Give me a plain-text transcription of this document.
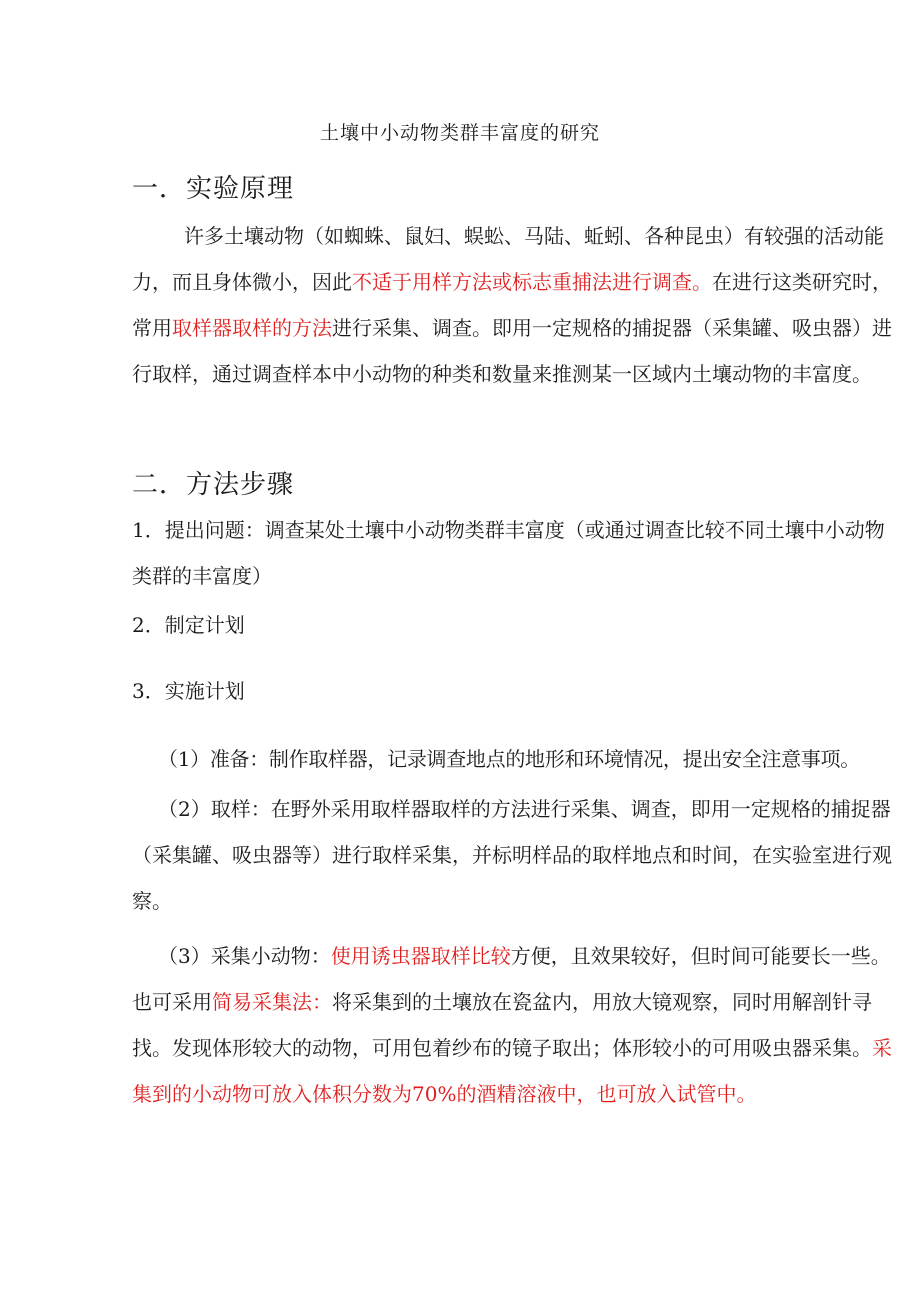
土壤中小动物类群丰富度的研究
一．实验原理

许多土壤动物（如蜘蛛、鼠妇、蜈蚣、马陆、蚯蚓、各种昆虫）有较强的活动能力，而且身体微小，因此不适于用样方法或标志重捕法进行调查。在进行这类研究时，常用取样器取样的方法进行采集、调查。即用一定规格的捕捉器（采集罐、吸虫器）进行取样，通过调查样本中小动物的种类和数量来推测某一区域内土壤动物的丰富度。

二．方法步骤

1．提出问题：调查某处土壤中小动物类群丰富度（或通过调查比较不同土壤中小动物类群的丰富度）

2．制定计划

3．实施计划

（1）准备：制作取样器，记录调查地点的地形和环境情况，提出安全注意事项。

（2）取样：在野外采用取样器取样的方法进行采集、调查，即用一定规格的捕捉器（采集罐、吸虫器等）进行取样采集，并标明样品的取样地点和时间，在实验室进行观察。

（3）采集小动物：使用诱虫器取样比较方便，且效果较好，但时间可能要长一些。也可采用简易采集法：将采集到的土壤放在瓷盆内，用放大镜观察，同时用解剖针寻找。发现体形较大的动物，可用包着纱布的镜子取出；体形较小的可用吸虫器采集。采集到的小动物可放入体积分数为70%的酒精溶液中，也可放入试管中。
